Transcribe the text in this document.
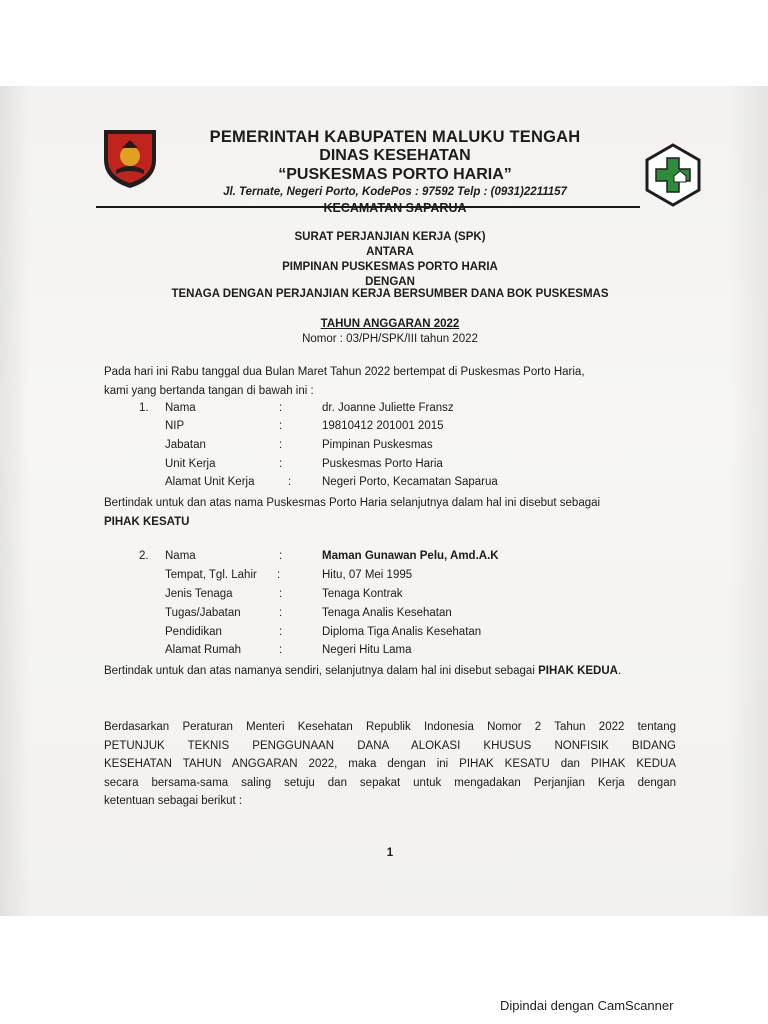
PEMERINTAH KABUPATEN MALUKU TENGAH
DINAS KESEHATAN
“PUSKESMAS PORTO HARIA”
Jl. Ternate, Negeri Porto, KodePos : 97592 Telp : (0931)2211157
KECAMATAN SAPARUA
SURAT PERJANJIAN KERJA (SPK)
ANTARA
PIMPINAN PUSKESMAS PORTO HARIA
DENGAN
TENAGA DENGAN PERJANJIAN KERJA BERSUMBER DANA BOK PUSKESMAS
TAHUN ANGGARAN 2022
Nomor : 03/PH/SPK/III tahun 2022
Pada hari ini Rabu tanggal dua Bulan Maret Tahun 2022 bertempat di Puskesmas Porto Haria,
kami yang bertanda tangan di bawah ini :
1. Nama	:	dr. Joanne Juliette Fransz
NIP	:	19810412 201001 2015
Jabatan	:	Pimpinan Puskesmas
Unit Kerja	:	Puskesmas Porto Haria
Alamat Unit Kerja	:	Negeri Porto, Kecamatan Saparua
Bertindak untuk dan atas nama Puskesmas Porto Haria selanjutnya dalam hal ini disebut sebagai
PIHAK KESATU
2. Nama	:	Maman Gunawan Pelu, Amd.A.K
Tempat, Tgl. Lahir :	Hitu, 07 Mei 1995
Jenis Tenaga	:	Tenaga Kontrak
Tugas/Jabatan	:	Tenaga Analis Kesehatan
Pendidikan	:	Diploma Tiga Analis Kesehatan
Alamat Rumah	:	Negeri Hitu Lama
Bertindak untuk dan atas namanya sendiri, selanjutnya dalam hal ini disebut sebagai PIHAK KEDUA.
Berdasarkan Peraturan Menteri Kesehatan Republik Indonesia Nomor 2 Tahun 2022 tentang
PETUNJUK TEKNIS PENGGUNAAN DANA ALOKASI KHUSUS NONFISIK BIDANG
KESEHATAN TAHUN ANGGARAN 2022, maka dengan ini PIHAK KESATU dan PIHAK KEDUA
secara bersama-sama saling setuju dan sepakat untuk mengadakan Perjanjian Kerja dengan
ketentuan sebagai berikut :
1
Dipindai dengan CamScanner
